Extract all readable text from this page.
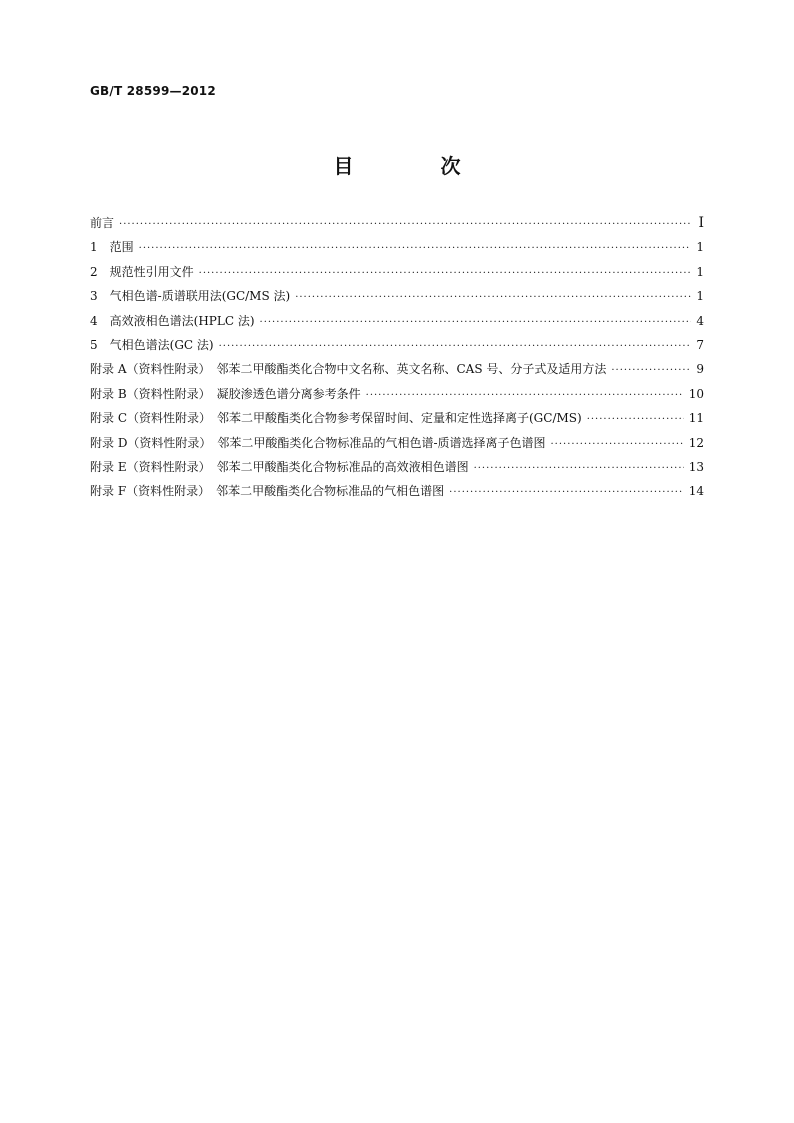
GB/T 28599—2012
目 次
前言 ·····	Ⅰ
1　范围 ·····	1
2　规范性引用文件 ·····	1
3　气相色谱-质谱联用法(GC/MS 法) ·····	1
4　高效液相色谱法(HPLC 法) ·····	4
5　气相色谱法(GC 法) ·····	7
附录 A（资料性附录）　邻苯二甲酸酯类化合物中文名称、英文名称、CAS 号、分子式及适用方法 ·····	9
附录 B（资料性附录）　凝胶渗透色谱分离参考条件 ·····	10
附录 C（资料性附录）　邻苯二甲酸酯类化合物参考保留时间、定量和定性选择离子(GC/MS) ·····	11
附录 D（资料性附录）　邻苯二甲酸酯类化合物标准品的气相色谱-质谱选择离子色谱图 ·····	12
附录 E（资料性附录）　邻苯二甲酸酯类化合物标准品的高效液相色谱图 ·····	13
附录 F（资料性附录）　邻苯二甲酸酯类化合物标准品的气相色谱图 ·····	14
